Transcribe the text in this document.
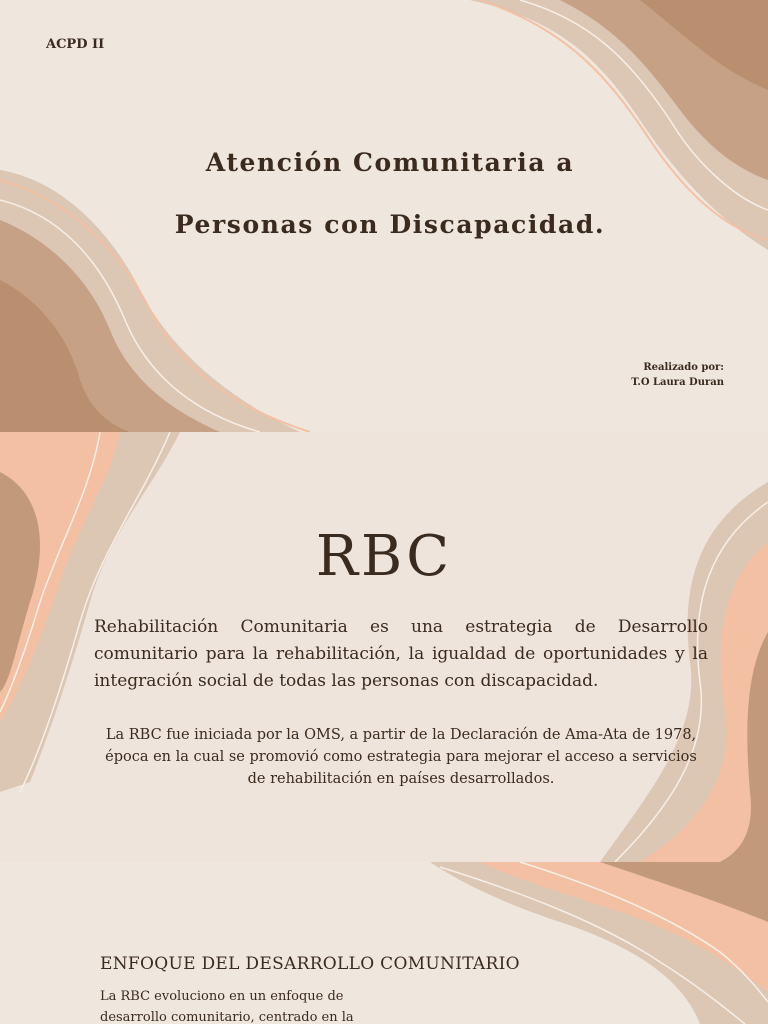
ACPD II
Atención Comunitaria a
Personas con Discapacidad.
Realizado por:
T.O Laura Duran
RBC
Rehabilitación Comunitaria es una estrategia de Desarrollo comunitario para la rehabilitación, la igualdad de oportunidades y la integración social de todas las personas con discapacidad.
La RBC fue iniciada por la OMS, a partir de la Declaración de Ama-Ata de 1978, época en la cual se promovió como estrategia para mejorar el acceso a servicios de rehabilitación en países desarrollados.
ENFOQUE DEL DESARROLLO COMUNITARIO
La RBC evoluciono en un enfoque de desarrollo comunitario, centrado en la
